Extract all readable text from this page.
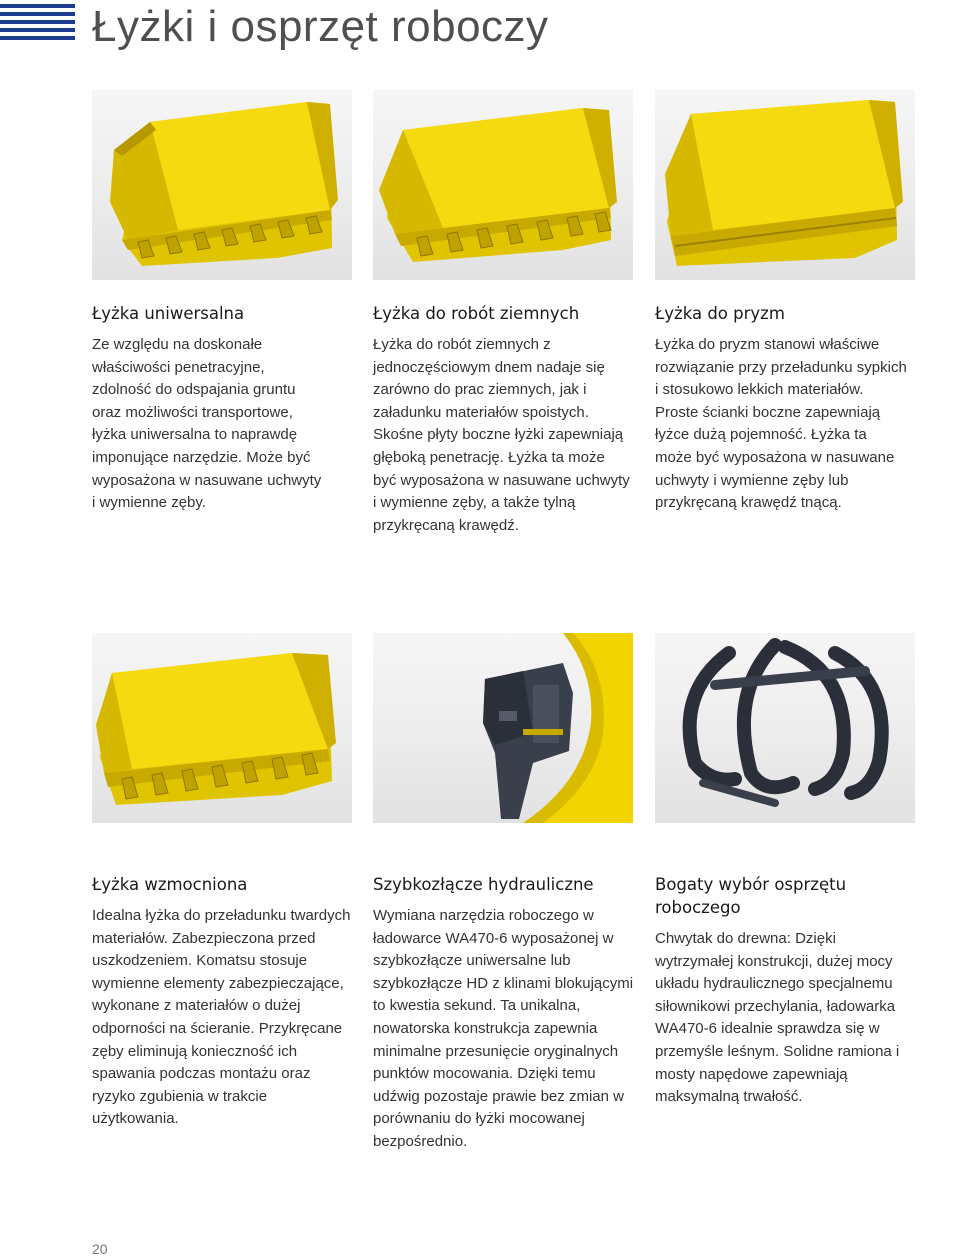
Łyżki i osprzęt roboczy
Łyżka uniwersalna

Ze względu na doskonałe właściwości penetracyjne, zdolność do odspajania gruntu oraz możliwości transportowe, łyżka uniwersalna to naprawdę imponujące narzędzie. Może być wyposażona w nasuwane uchwyty i wymienne zęby.

Łyżka do robót ziemnych

Łyżka do robót ziemnych z jednoczęściowym dnem nadaje się zarówno do prac ziemnych, jak i załadunku materiałów spoistych. Skośne płyty boczne łyżki zapewniają głęboką penetrację. Łyżka ta może być wyposażona w nasuwane uchwyty i wymienne zęby, a także tylną przykręcaną krawędź.

Łyżka do pryzm

Łyżka do pryzm stanowi właściwe rozwiązanie przy przeładunku sypkich i stosukowo lekkich materiałów. Proste ścianki boczne zapewniają łyżce dużą pojemność. Łyżka ta może być wyposażona w nasuwane uchwyty i wymienne zęby lub przykręcaną krawędź tnącą.

Łyżka wzmocniona

Idealna łyżka do przeładunku twardych materiałów. Zabezpieczona przed uszkodzeniem. Komatsu stosuje wymienne elementy zabezpieczające, wykonane z materiałów o dużej odporności na ścieranie. Przykręcane zęby eliminują konieczność ich spawania podczas montażu oraz ryzyko zgubienia w trakcie użytkowania.

Szybkozłącze hydrauliczne

Wymiana narzędzia roboczego w ładowarce WA470-6 wyposażonej w szybkozłącze uniwersalne lub szybkozłącze HD z klinami blokującymi to kwestia sekund. Ta unikalna, nowatorska konstrukcja zapewnia minimalne przesunięcie oryginalnych punktów mocowania. Dzięki temu udźwig pozostaje prawie bez zmian w porównaniu do łyżki mocowanej bezpośrednio.

Bogaty wybór osprzętu roboczego

Chwytak do drewna: Dzięki wytrzymałej konstrukcji, dużej mocy układu hydraulicznego specjalnemu siłownikowi przechylania, ładowarka WA470-6 idealnie sprawdza się w przemyśle leśnym. Solidne ramiona i mosty napędowe zapewniają maksymalną trwałość.

20
